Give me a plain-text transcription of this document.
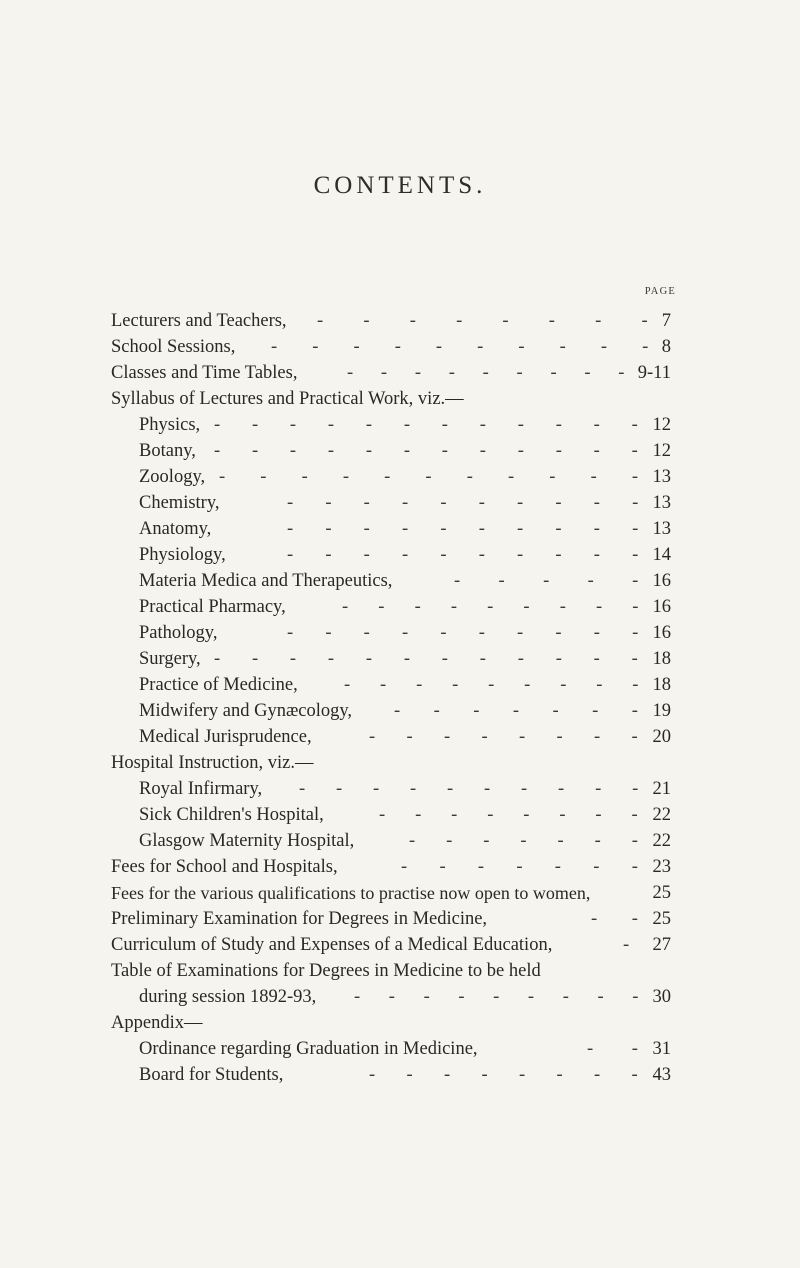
CONTENTS.
PAGE
Lecturers and Teachers, - - - - - - - - 7
School Sessions, - - - - - - - - - - 8
Classes and Time Tables,	- - - - - - - - - 9-11
Syllabus of Lectures and Practical Work, viz.—
Physics, - - - - - - - - - - - - 12
Botany, - - - - - - - - - - - - 12
Zoology, - - - - - - - - - - - 13
Chemistry,	- - - - - - - - - - 13
Anatomy,	- - - - - - - - - - 13
Physiology,	- - - - - - - - - - 14
Materia Medica and Therapeutics,	- - - - - 16
Practical Pharmacy,	- - - - - - - - - 16
Pathology,	- - - - - - - - - - 16
Surgery, - - - - - - - - - - - - 18
Practice of Medicine,	- - - - - - - - - 18
Midwifery and Gynæcology, - - - - - - - 19
Medical Jurisprudence,	- - - - - - - - 20
Hospital Instruction, viz.—
Royal Infirmary, - - - - - - - - - - 21
Sick Children's Hospital,	- - - - - - - - 22
Glasgow Maternity Hospital,	- - - - - - - 22
Fees for School and Hospitals,	- - - - - - - 23
Fees for the various qualifications to practise now open to women,	25
Preliminary Examination for Degrees in Medicine,	- - 25
Curriculum of Study and Expenses of a Medical Education,	- 27
Table of Examinations for Degrees in Medicine to be held
during session 1892-93, - - - - - - - - - 30
Appendix—
Ordinance regarding Graduation in Medicine,	- - 31
Board for Students,	- - - - - - - - 43
